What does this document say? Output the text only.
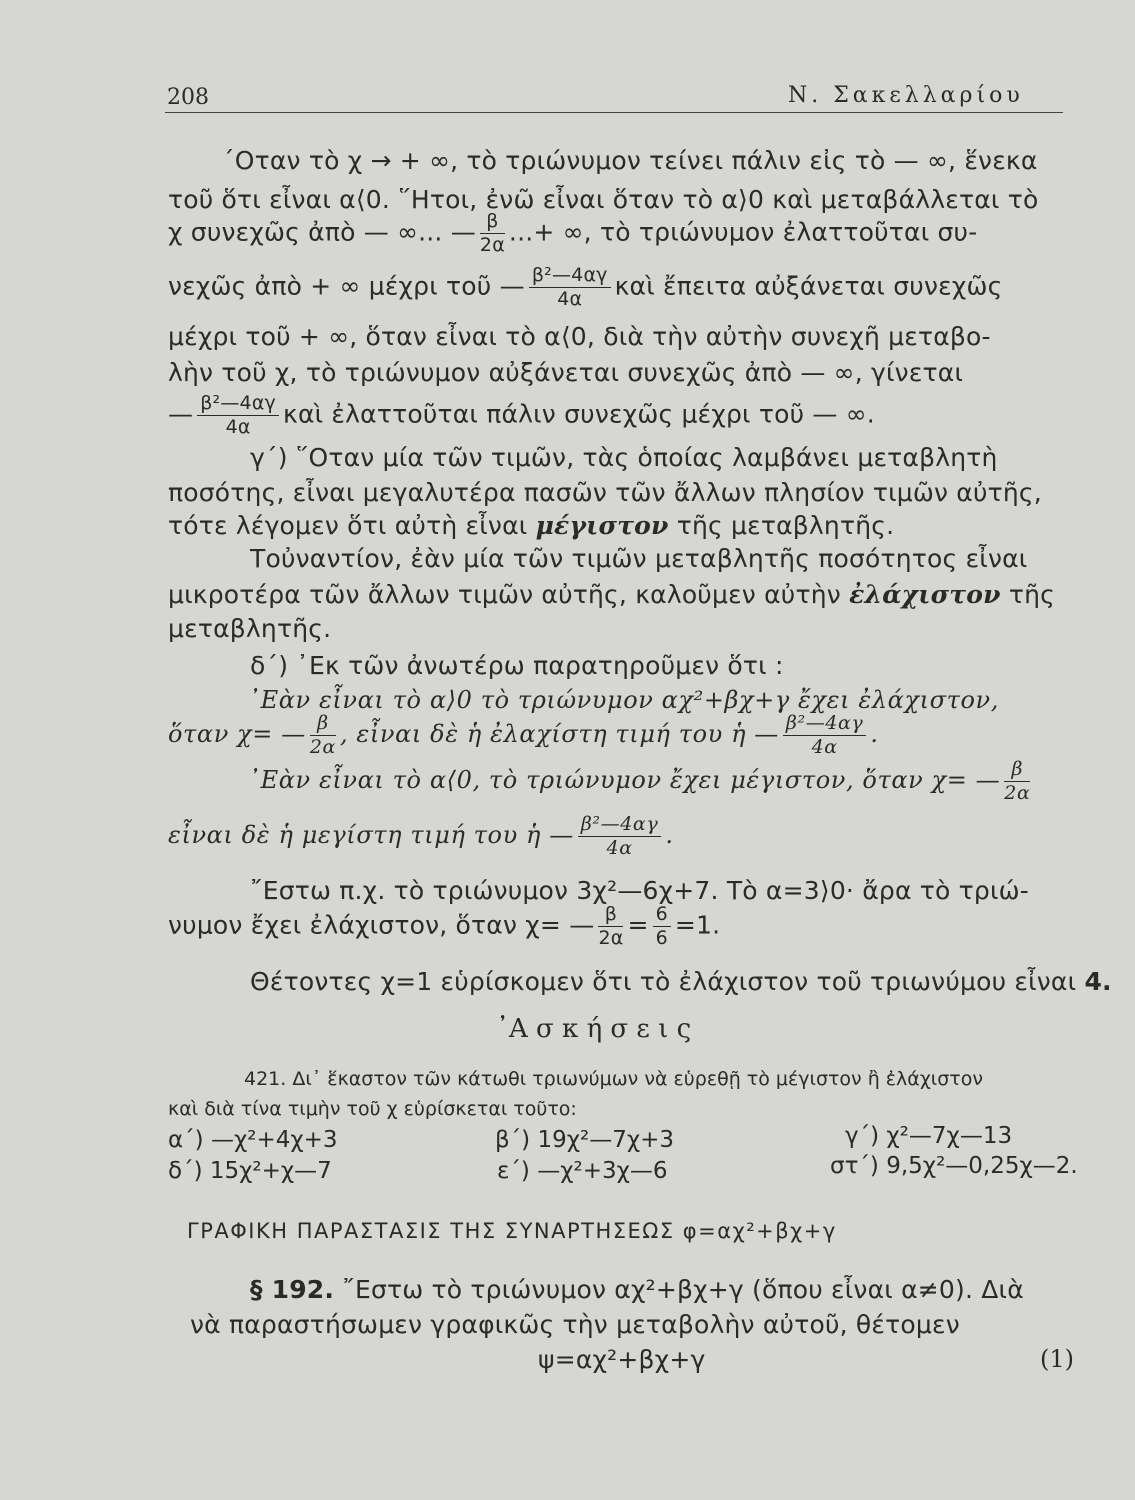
208	Ν. Σακελλαρίου
΄Οταν τὸ χ → + ∞, τὸ τριώνυμον τείνει πάλιν εἰς τὸ — ∞, ἕνεκα
τοῦ ὅτι εἶναι α⟨0. ῞Ητοι, ἐνῶ εἶναι ὅταν τὸ α⟩0 καὶ μεταβάλλεται τὸ
χ συνεχῶς ἀπὸ — ∞... — $\frac{\beta}{2\alpha}$ ...+ ∞, τὸ τριώνυμον ἐλαττοῦται συ-
νεχῶς ἀπὸ + ∞ μέχρι τοῦ — $\frac{\text{β²—4αγ}}{4\alpha}$ καὶ ἔπειτα αὐξάνεται συνεχῶς
μέχρι τοῦ + ∞, ὅταν εἶναι τὸ α⟨0, διὰ τὴν αὐτὴν συνεχῆ μεταβο-
λὴν τοῦ χ, τὸ τριώνυμον αὐξάνεται συνεχῶς ἀπὸ — ∞, γίνεται
— $\frac{\text{β²—4αγ}}{4\alpha}$ καὶ ἐλαττοῦται πάλιν συνεχῶς μέχρι τοῦ — ∞.
γ΄) ῞Οταν μία τῶν τιμῶν, τὰς ὁποίας λαμβάνει μεταβλητὴ
ποσότης, εἶναι μεγαλυτέρα πασῶν τῶν ἄλλων πλησίον τιμῶν αὐτῆς,
τότε λέγομεν ὅτι αὐτὴ εἶναι μέγιστον τῆς μεταβλητῆς.
Τοὐναντίον, ἐὰν μία τῶν τιμῶν μεταβλητῆς ποσότητος εἶναι
μικροτέρα τῶν ἄλλων τιμῶν αὐτῆς, καλοῦμεν αὐτὴν ἐλάχιστον τῆς
μεταβλητῆς.
δ΄) ᾿Εκ τῶν ἀνωτέρω παρατηροῦμεν ὅτι :
᾿Εὰν εἶναι τὸ α⟩0 τὸ τριώνυμον αχ²+βχ+γ ἔχει ἐλάχιστον,
ὅταν χ= — $\frac{\beta}{2\alpha}$ , εἶναι δὲ ἡ ἐλαχίστη τιμή του ἡ — $\frac{\text{β²—4αγ}}{4\alpha}$ .
᾿Εὰν εἶναι τὸ α⟨0, τὸ τριώνυμον ἔχει μέγιστον, ὅταν χ= — $\frac{\beta}{2\alpha}$
εἶναι δὲ ἡ μεγίστη τιμή του ἡ — $\frac{\text{β²—4αγ}}{4\alpha}$ .
῎Εστω π.χ. τὸ τριώνυμον 3χ²—6χ+7. Τὸ α=3⟩0· ἄρα τὸ τριώ-
νυμον ἔχει ἐλάχιστον, ὅταν χ= — $\frac{\beta}{2\alpha} = \frac{6}{6} =1$.
Θέτοντες χ=1 εὑρίσκομεν ὅτι τὸ ἐλάχιστον τοῦ τριωνύμου εἶναι 4.
᾿Α σ κ ή σ ε ι ς
421. Δι᾿ ἕκαστον τῶν κάτωθι τριωνύμων νὰ εὑρεθῇ τὸ μέγιστον ἢ ἐλάχιστον
καὶ διὰ τίνα τιμὴν τοῦ χ εὑρίσκεται τοῦτο:
α΄) —χ²+4χ+3	β΄) 19χ²—7χ+3	γ΄) χ²—7χ—13
δ΄) 15χ²+χ—7	ε΄) —χ²+3χ—6	στ΄) 9,5χ²—0,25χ—2.
ΓΡΑΦΙΚΗ ΠΑΡΑΣΤΑΣΙΣ ΤΗΣ ΣΥΝΑΡΤΗΣΕΩΣ φ=αχ²+βχ+γ
§ 192. ῎Εστω τὸ τριώνυμον αχ²+βχ+γ (ὅπου εἶναι α≠0). Διὰ
νὰ παραστήσωμεν γραφικῶς τὴν μεταβολὴν αὐτοῦ, θέτομεν
ψ=αχ²+βχ+γ	(1)
